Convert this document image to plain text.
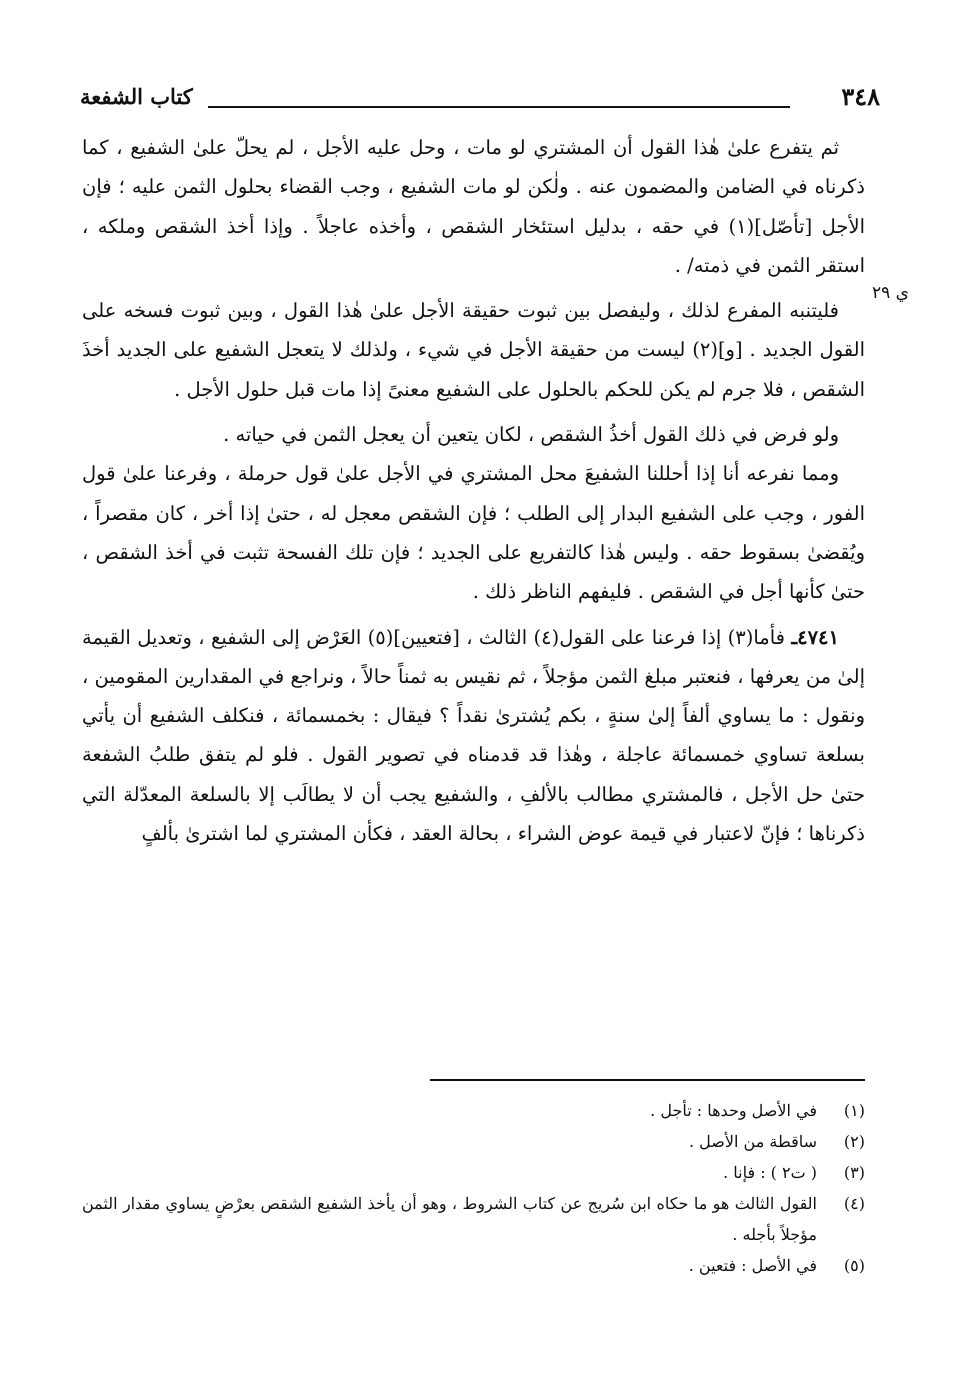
٣٤٨
كتاب الشفعة
ي ٢٩

ثم يتفرع علىٰ هٰذا القول أن المشتري لو مات ، وحل عليه الأجل ، لم يحلّ علىٰ الشفيع ، كما ذكرناه في الضامن والمضمون عنه . ولٰكن لو مات الشفيع ، وجب القضاء بحلول الثمن عليه ؛ فإن الأجل [تأصّل](١) في حقه ، بدليل استئخار الشقص ، وأخذه عاجلاً . وإذا أخذ الشقص وملكه ، استقر الثمن في ذمته/ .

فليتنبه المفرع لذلك ، وليفصل بين ثبوت حقيقة الأجل علىٰ هٰذا القول ، وبين ثبوت فسخه على القول الجديد . [و](٢) ليست من حقيقة الأجل في شيء ، ولذلك لا يتعجل الشفيع على الجديد أخذَ الشقص ، فلا جرم لم يكن للحكم بالحلول على الشفيع معنىً إذا مات قبل حلول الأجل .

ولو فرض في ذلك القول أخذُ الشقص ، لكان يتعين أن يعجل الثمن في حياته .

ومما نفرعه أنا إذا أحللنا الشفيعَ محل المشتري في الأجل علىٰ قول حرملة ، وفرعنا علىٰ قول الفور ، وجب على الشفيع البدار إلى الطلب ؛ فإن الشقص معجل له ، حتىٰ إذا أخر ، كان مقصراً ، ويُقضىٰ بسقوط حقه . وليس هٰذا كالتفريع على الجديد ؛ فإن تلك الفسحة تثبت في أخذ الشقص ، حتىٰ كأنها أجل في الشقص . فليفهم الناظر ذلك .

٤٧٤١ـ فأما(٣) إذا فرعنا على القول(٤) الثالث ، [فتعيين](٥) العَرْض إلى الشفيع ، وتعديل القيمة إلىٰ من يعرفها ، فنعتبر مبلغ الثمن مؤجلاً ، ثم نقيس به ثمناً حالاً ، ونراجع في المقدارين المقومين ، ونقول : ما يساوي ألفاً إلىٰ سنةٍ ، بكم يُشترىٰ نقداً ؟ فيقال : بخمسمائة ، فنكلف الشفيع أن يأتي بسلعة تساوي خمسمائة عاجلة ، وهٰذا قد قدمناه في تصوير القول . فلو لم يتفق طلبُ الشفعة حتىٰ حل الأجل ، فالمشتري مطالب بالألفِ ، والشفيع يجب أن لا يطالَب إلا بالسلعة المعدّلة التي ذكرناها ؛ فإنّ لاعتبار في قيمة عوض الشراء ، بحالة العقد ، فكأن المشتري لما اشترىٰ بألفٍ

(١)
في الأصل وحدها : تأجل .
(٢)
ساقطة من الأصل .
(٣)
( ت٢ ) : فإنا .
(٤)
القول الثالث هو ما حكاه ابن سُريج عن كتاب الشروط ، وهو أن يأخذ الشفيع الشقص بعرْضٍ يساوي مقدار الثمن مؤجلاً بأجله .
(٥)
في الأصل : فتعين .
